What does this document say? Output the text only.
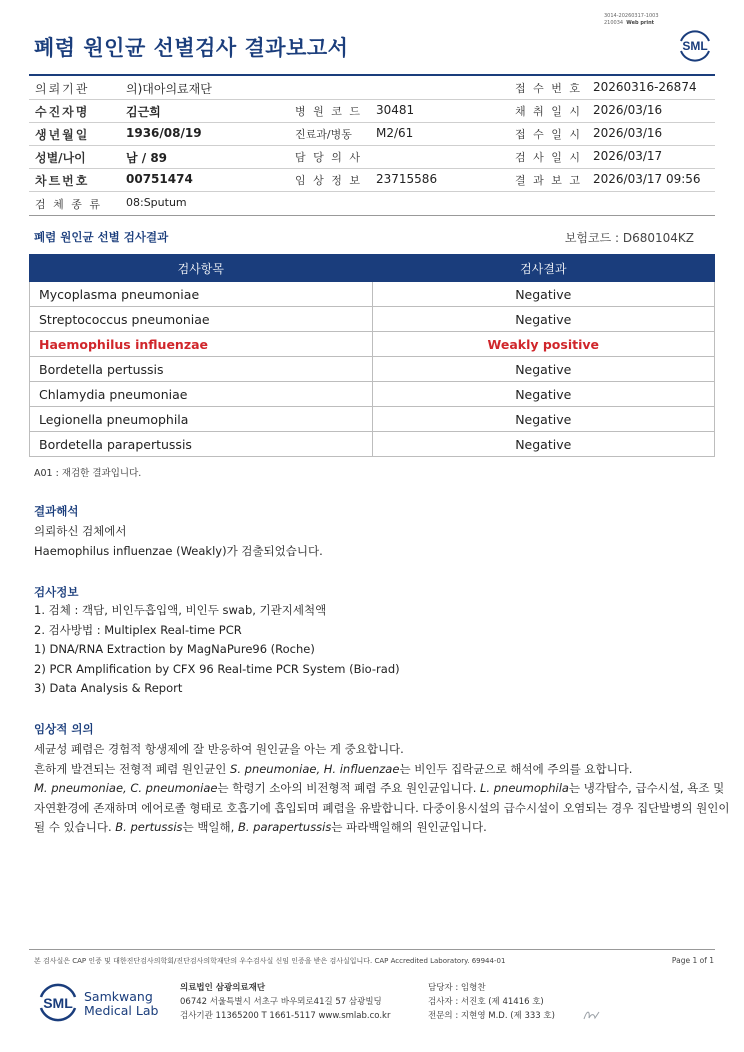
폐렴 원인균 선별검사 결과보고서
3014-20260317-1003
210034 Web print
SML
의뢰기관	의)대아의료재단	접 수 번 호 20260316-26874
수진자명	김근희	병 원 코 드 30481	채 취 일 시 2026/03/16
생년월일	1936/08/19	진료과/병동 M2/61	접 수 일 시 2026/03/16
성별/나이	남 / 89	담 당 의 사	검 사 일 시 2026/03/17
차트번호	00751474	임 상 정 보 23715586	결 과 보 고 2026/03/17 09:56
검 체 종 류 08:Sputum
폐렴 원인균 선별 검사결과	보험코드 : D680104KZ
검사항목	검사결과
Mycoplasma pneumoniae	Negative
Streptococcus pneumoniae	Negative
Haemophilus influenzae	Weakly positive
Bordetella pertussis	Negative
Chlamydia pneumoniae	Negative
Legionella pneumophila	Negative
Bordetella parapertussis	Negative
A01 : 재검한 결과입니다.
결과해석
의뢰하신 검체에서
Haemophilus influenzae (Weakly)가 검출되었습니다.
검사정보
1. 검체 : 객담, 비인두흡입액, 비인두 swab, 기관지세척액
2. 검사방법 : Multiplex Real-time PCR
1) DNA/RNA Extraction by MagNaPure96 (Roche)
2) PCR Amplification by CFX 96 Real-time PCR System (Bio-rad)
3) Data Analysis & Report
임상적 의의
세균성 폐렴은 경험적 항생제에 잘 반응하여 원인균을 아는 게 중요합니다.
흔하게 발견되는 전형적 폐렴 원인균인 S. pneumoniae, H. influenzae는 비인두 집락균으로 해석에 주의를 요합니다.
M. pneumoniae, C. pneumoniae는 학령기 소아의 비전형적 폐렴 주요 원인균입니다. L. pneumophila는 냉각탑수, 급수시설, 욕조 및
자연환경에 존재하며 에어로졸 형태로 호흡기에 흡입되며 폐렴을 유발합니다. 다중이용시설의 급수시설이 오염되는 경우 집단발병의 원인이
될 수 있습니다. B. pertussis는 백일해, B. parapertussis는 파라백일해의 원인균입니다.
본 검사실은 CAP 인증 및 대한진단검사의학회/진단검사의학재단의 우수검사실 신임 인증을 받은 검사실입니다. CAP Accredited Laboratory. 69944-01	Page 1 of 1
SML Samkwang
Medical Lab
의료법인 삼광의료재단
06742 서울특별시 서초구 바우뫼로41길 57 삼광빌딩
검사기관 11365200 T 1661-5117 www.smlab.co.kr
담당자 : 임형찬
검사자 : 서진호 (제 41416 호)
전문의 : 지현영 M.D. (제 333 호)
